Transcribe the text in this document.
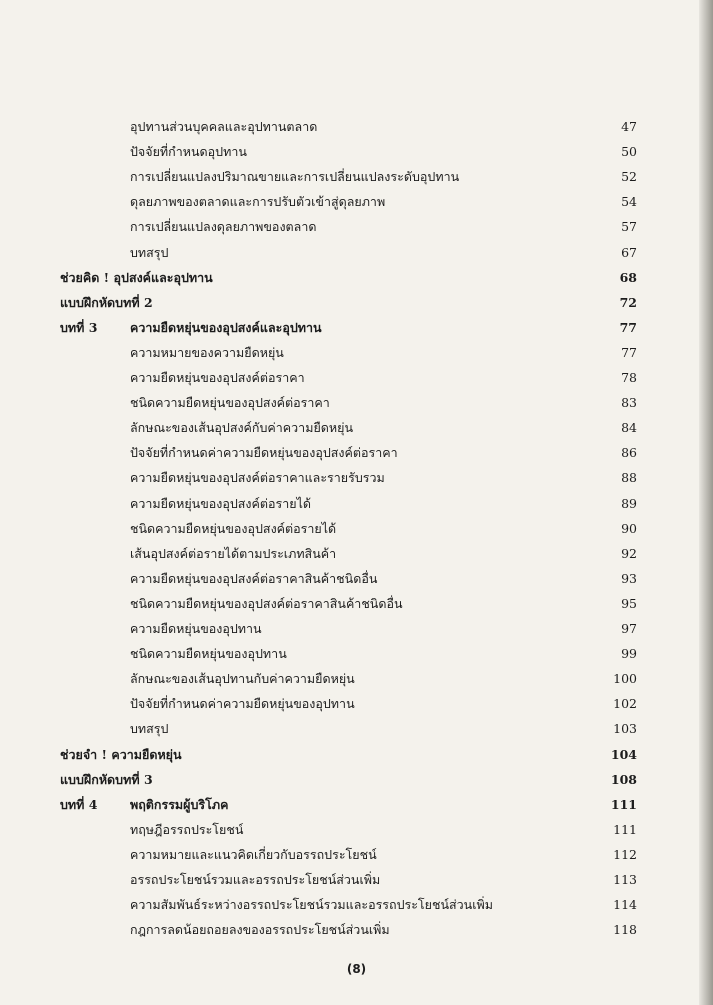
อุปทานส่วนบุคคลและอุปทานตลาด	47
ปัจจัยที่กำหนดอุปทาน	50
การเปลี่ยนแปลงปริมาณขายและการเปลี่ยนแปลงระดับอุปทาน	52
ดุลยภาพของตลาดและการปรับตัวเข้าสู่ดุลยภาพ	54
การเปลี่ยนแปลงดุลยภาพของตลาด	57
บทสรุป	67
ช่วยคิด ! อุปสงค์และอุปทาน	68
แบบฝึกหัดบทที่ 2	72
บทที่ 3	ความยืดหยุ่นของอุปสงค์และอุปทาน	77
ความหมายของความยืดหยุ่น	77
ความยืดหยุ่นของอุปสงค์ต่อราคา	78
ชนิดความยืดหยุ่นของอุปสงค์ต่อราคา	83
ลักษณะของเส้นอุปสงค์กับค่าความยืดหยุ่น	84
ปัจจัยที่กำหนดค่าความยืดหยุ่นของอุปสงค์ต่อราคา	86
ความยืดหยุ่นของอุปสงค์ต่อราคาและรายรับรวม	88
ความยืดหยุ่นของอุปสงค์ต่อรายได้	89
ชนิดความยืดหยุ่นของอุปสงค์ต่อรายได้	90
เส้นอุปสงค์ต่อรายได้ตามประเภทสินค้า	92
ความยืดหยุ่นของอุปสงค์ต่อราคาสินค้าชนิดอื่น	93
ชนิดความยืดหยุ่นของอุปสงค์ต่อราคาสินค้าชนิดอื่น	95
ความยืดหยุ่นของอุปทาน	97
ชนิดความยืดหยุ่นของอุปทาน	99
ลักษณะของเส้นอุปทานกับค่าความยืดหยุ่น	100
ปัจจัยที่กำหนดค่าความยืดหยุ่นของอุปทาน	102
บทสรุป	103
ช่วยจำ ! ความยืดหยุ่น	104
แบบฝึกหัดบทที่ 3	108
บทที่ 4	พฤติกรรมผู้บริโภค	111
ทฤษฎีอรรถประโยชน์	111
ความหมายและแนวคิดเกี่ยวกับอรรถประโยชน์	112
อรรถประโยชน์รวมและอรรถประโยชน์ส่วนเพิ่ม	113
ความสัมพันธ์ระหว่างอรรถประโยชน์รวมและอรรถประโยชน์ส่วนเพิ่ม	114
กฎการลดน้อยถอยลงของอรรถประโยชน์ส่วนเพิ่ม	118
(8)
